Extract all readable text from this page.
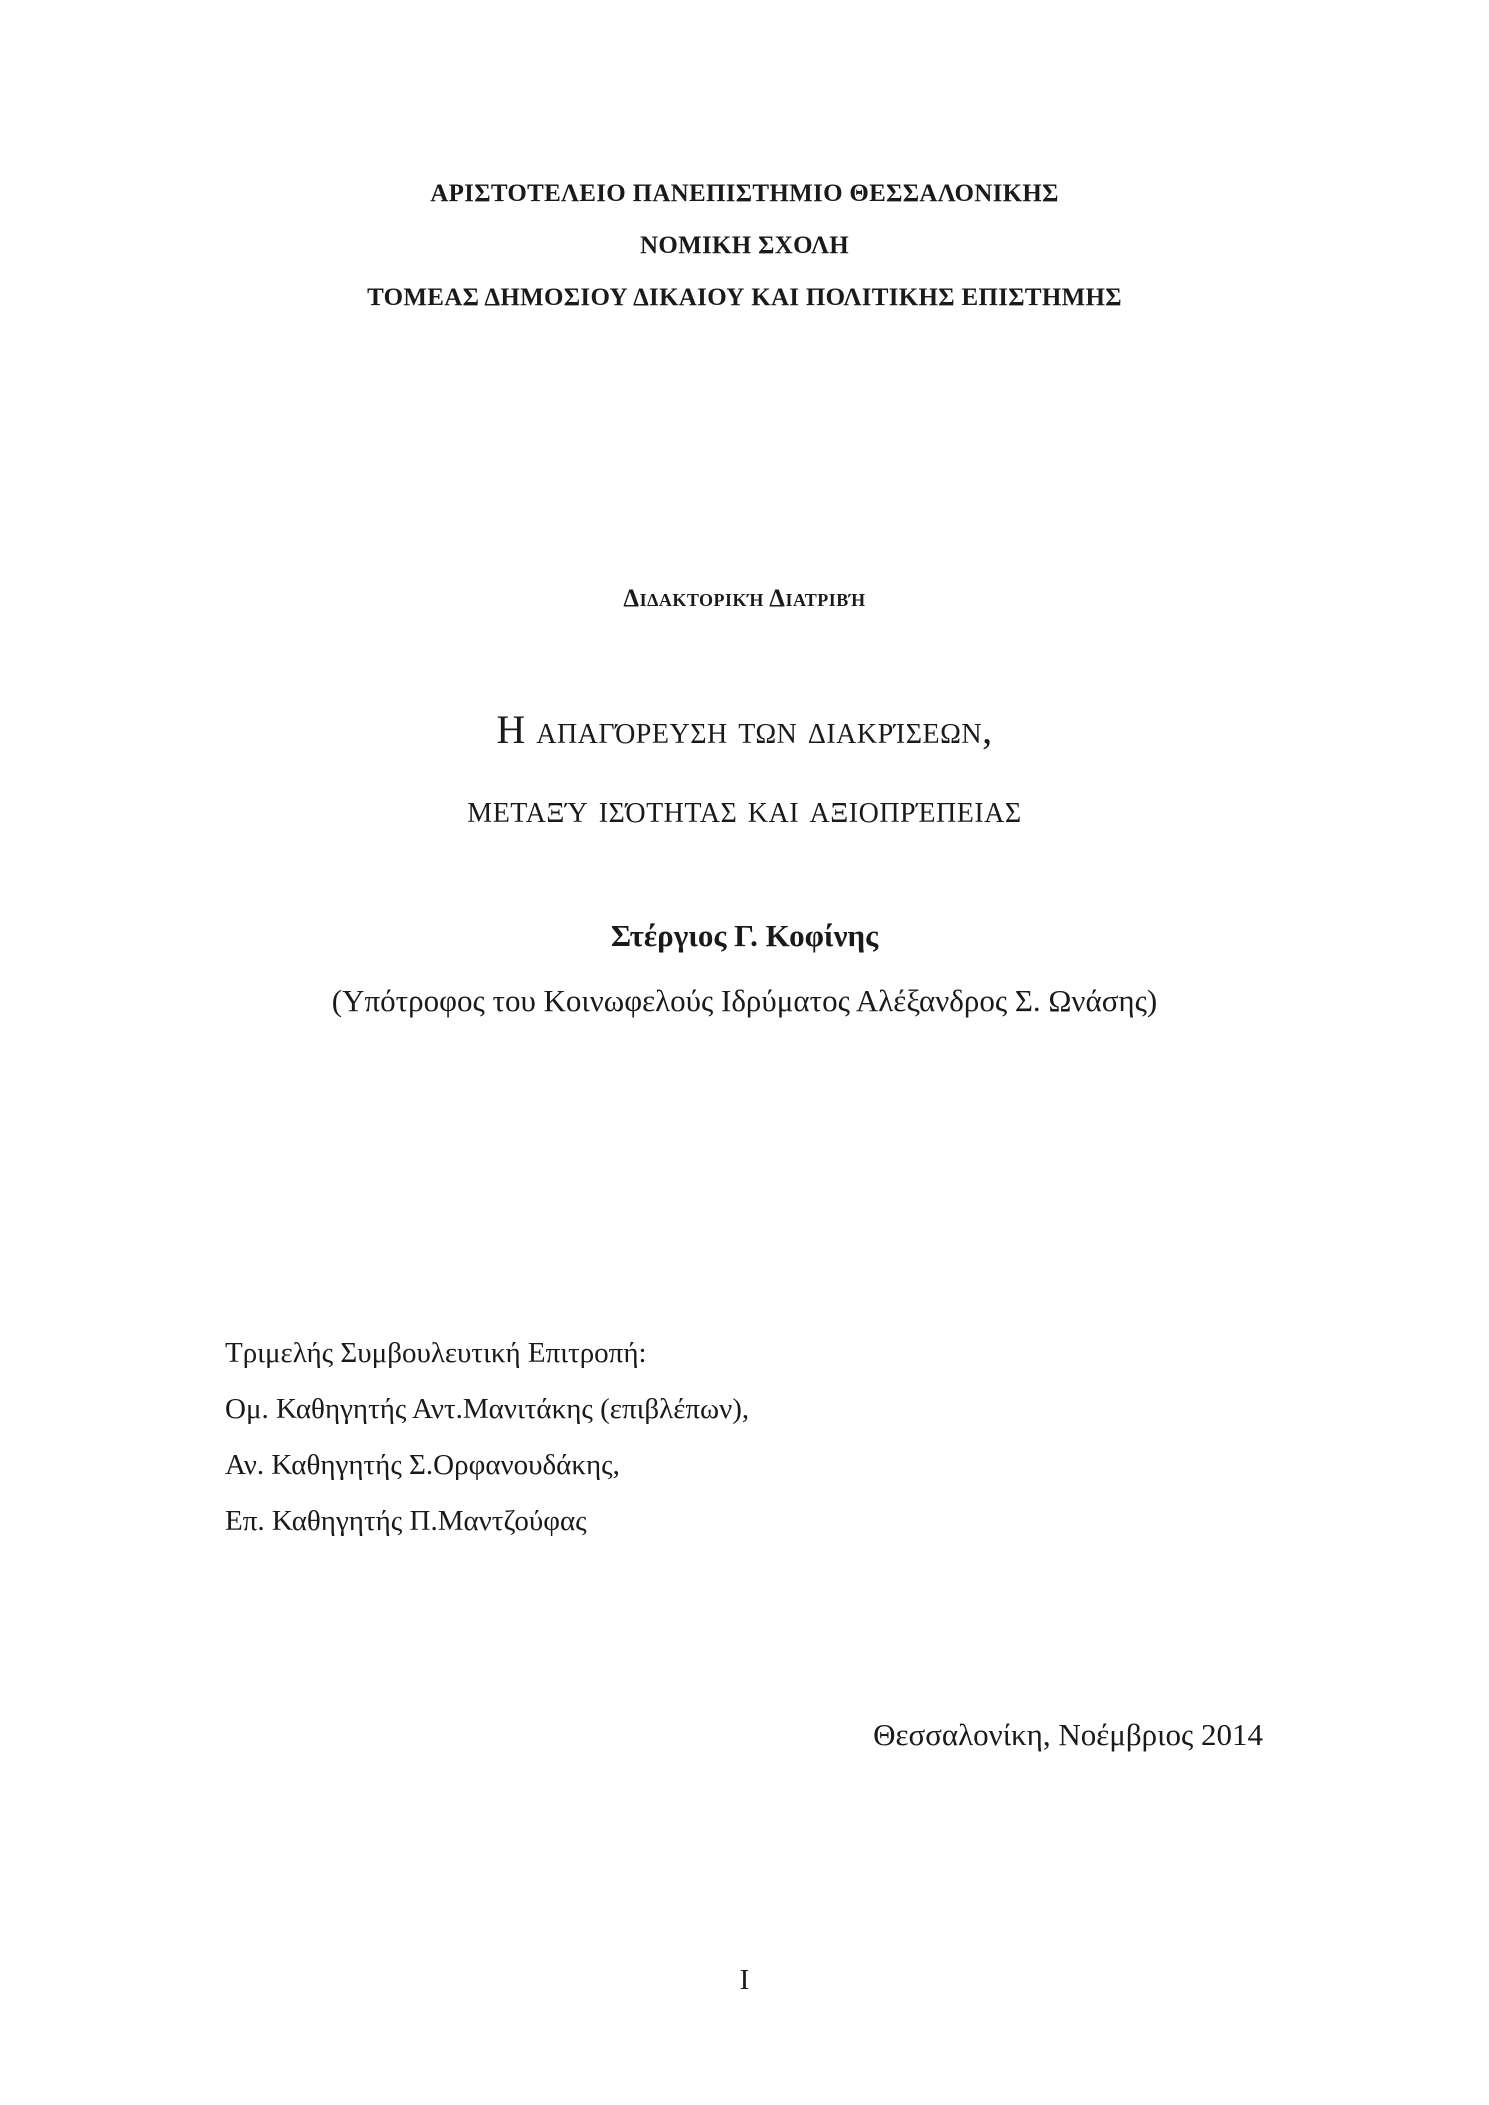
ΑΡΙΣΤΟΤΕΛΕΙΟ ΠΑΝΕΠΙΣΤΗΜΙΟ ΘΕΣΣΑΛΟΝΙΚΗΣ
ΝΟΜΙΚΗ ΣΧΟΛΗ
ΤΟΜΕΑΣ ΔΗΜΟΣΙΟΥ ΔΙΚΑΙΟΥ ΚΑΙ ΠΟΛΙΤΙΚΗΣ ΕΠΙΣΤΗΜΗΣ
Διδακτορική Διατριβή
Η απαγόρευση των διακρίσεων,
μεταξύ ισότητας και αξιοπρέπειας
Στέργιος Γ. Κοφίνης
(Υπότροφος του Κοινωφελούς Ιδρύματος Αλέξανδρος Σ. Ωνάσης)
Τριμελής Συμβουλευτική Επιτροπή:
Ομ. Καθηγητής Αντ.Μανιτάκης (επιβλέπων),
Αν. Καθηγητής Σ.Ορφανουδάκης,
Επ. Καθηγητής Π.Μαντζούφας
Θεσσαλονίκη, Νοέμβριος 2014
I
